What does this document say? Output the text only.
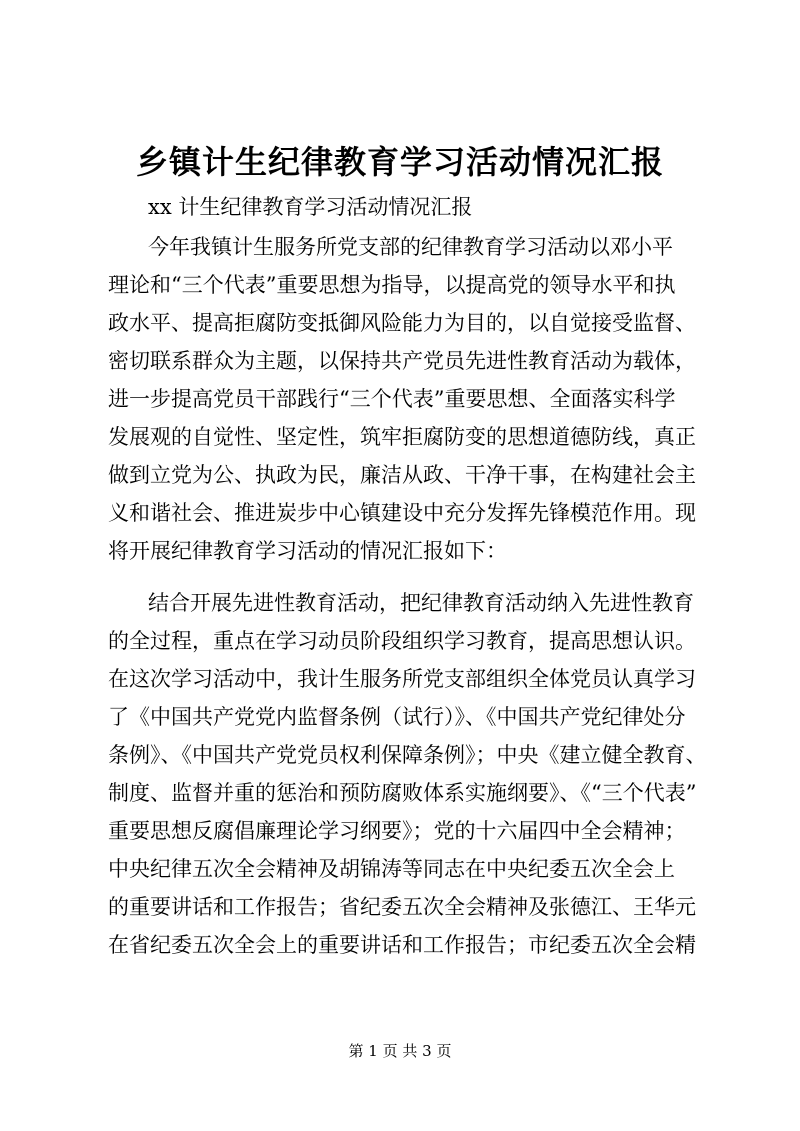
乡镇计生纪律教育学习活动情况汇报
xx 计生纪律教育学习活动情况汇报
今年我镇计生服务所党支部的纪律教育学习活动以邓小平
理论和“三个代表”重要思想为指导，以提高党的领导水平和执
政水平、提高拒腐防变抵御风险能力为目的，以自觉接受监督、
密切联系群众为主题，以保持共产党员先进性教育活动为载体，
进一步提高党员干部践行“三个代表”重要思想、全面落实科学
发展观的自觉性、坚定性，筑牢拒腐防变的思想道德防线，真正
做到立党为公、执政为民，廉洁从政、干净干事，在构建社会主
义和谐社会、推进炭步中心镇建设中充分发挥先锋模范作用。现
将开展纪律教育学习活动的情况汇报如下：
结合开展先进性教育活动，把纪律教育活动纳入先进性教育
的全过程，重点在学习动员阶段组织学习教育，提高思想认识。
在这次学习活动中，我计生服务所党支部组织全体党员认真学习
了《中国共产党党内监督条例（试行）》、《中国共产党纪律处分
条例》、《中国共产党党员权利保障条例》；中央《建立健全教育、
制度、监督并重的惩治和预防腐败体系实施纲要》、《“三个代表”
重要思想反腐倡廉理论学习纲要》；党的十六届四中全会精神；
中央纪律五次全会精神及胡锦涛等同志在中央纪委五次全会上
的重要讲话和工作报告；省纪委五次全会精神及张德江、王华元
在省纪委五次全会上的重要讲话和工作报告；市纪委五次全会精
第 1 页 共 3 页
